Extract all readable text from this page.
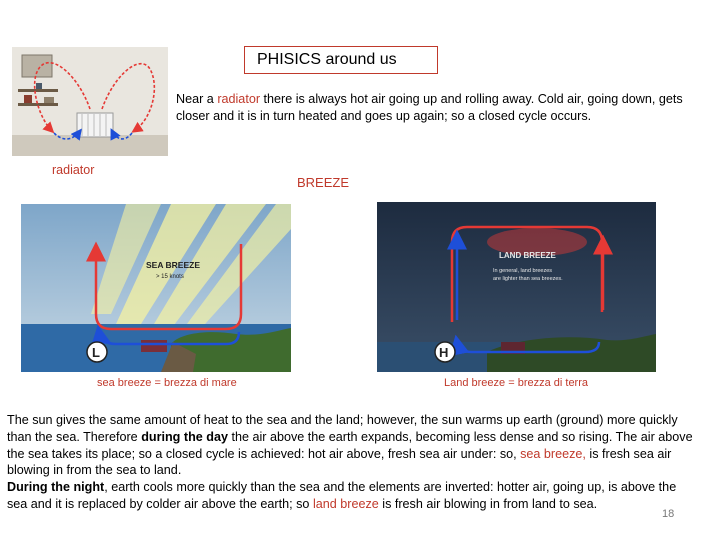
PHISICS around us
Near a radiator there is always hot air going up and rolling away. Cold air, going down, gets closer and it is in turn heated and goes up again; so a closed cycle occurs.
radiator
BREEZE
SEA BREEZE
> 15 knots
L
LAND BREEZE
In general, land breezes
are lighter than sea breezes.
H
sea breeze = brezza di mare	Land breeze = brezza di terra
The sun gives the same amount of heat to the sea and the land; however, the sun warms up earth (ground) more quickly than the sea. Therefore during the day the air above the earth expands, becoming less dense and so rising. The air above the sea takes its place; so a closed cycle is achieved: hot air above, fresh sea air under: so, sea breeze, is fresh sea air blowing in from the sea to land.
During the night, earth cools more quickly than the sea and the elements are inverted: hotter air, going up, is above the sea and it is replaced by colder air above the earth; so land breeze is fresh air blowing in from land to sea.
18
